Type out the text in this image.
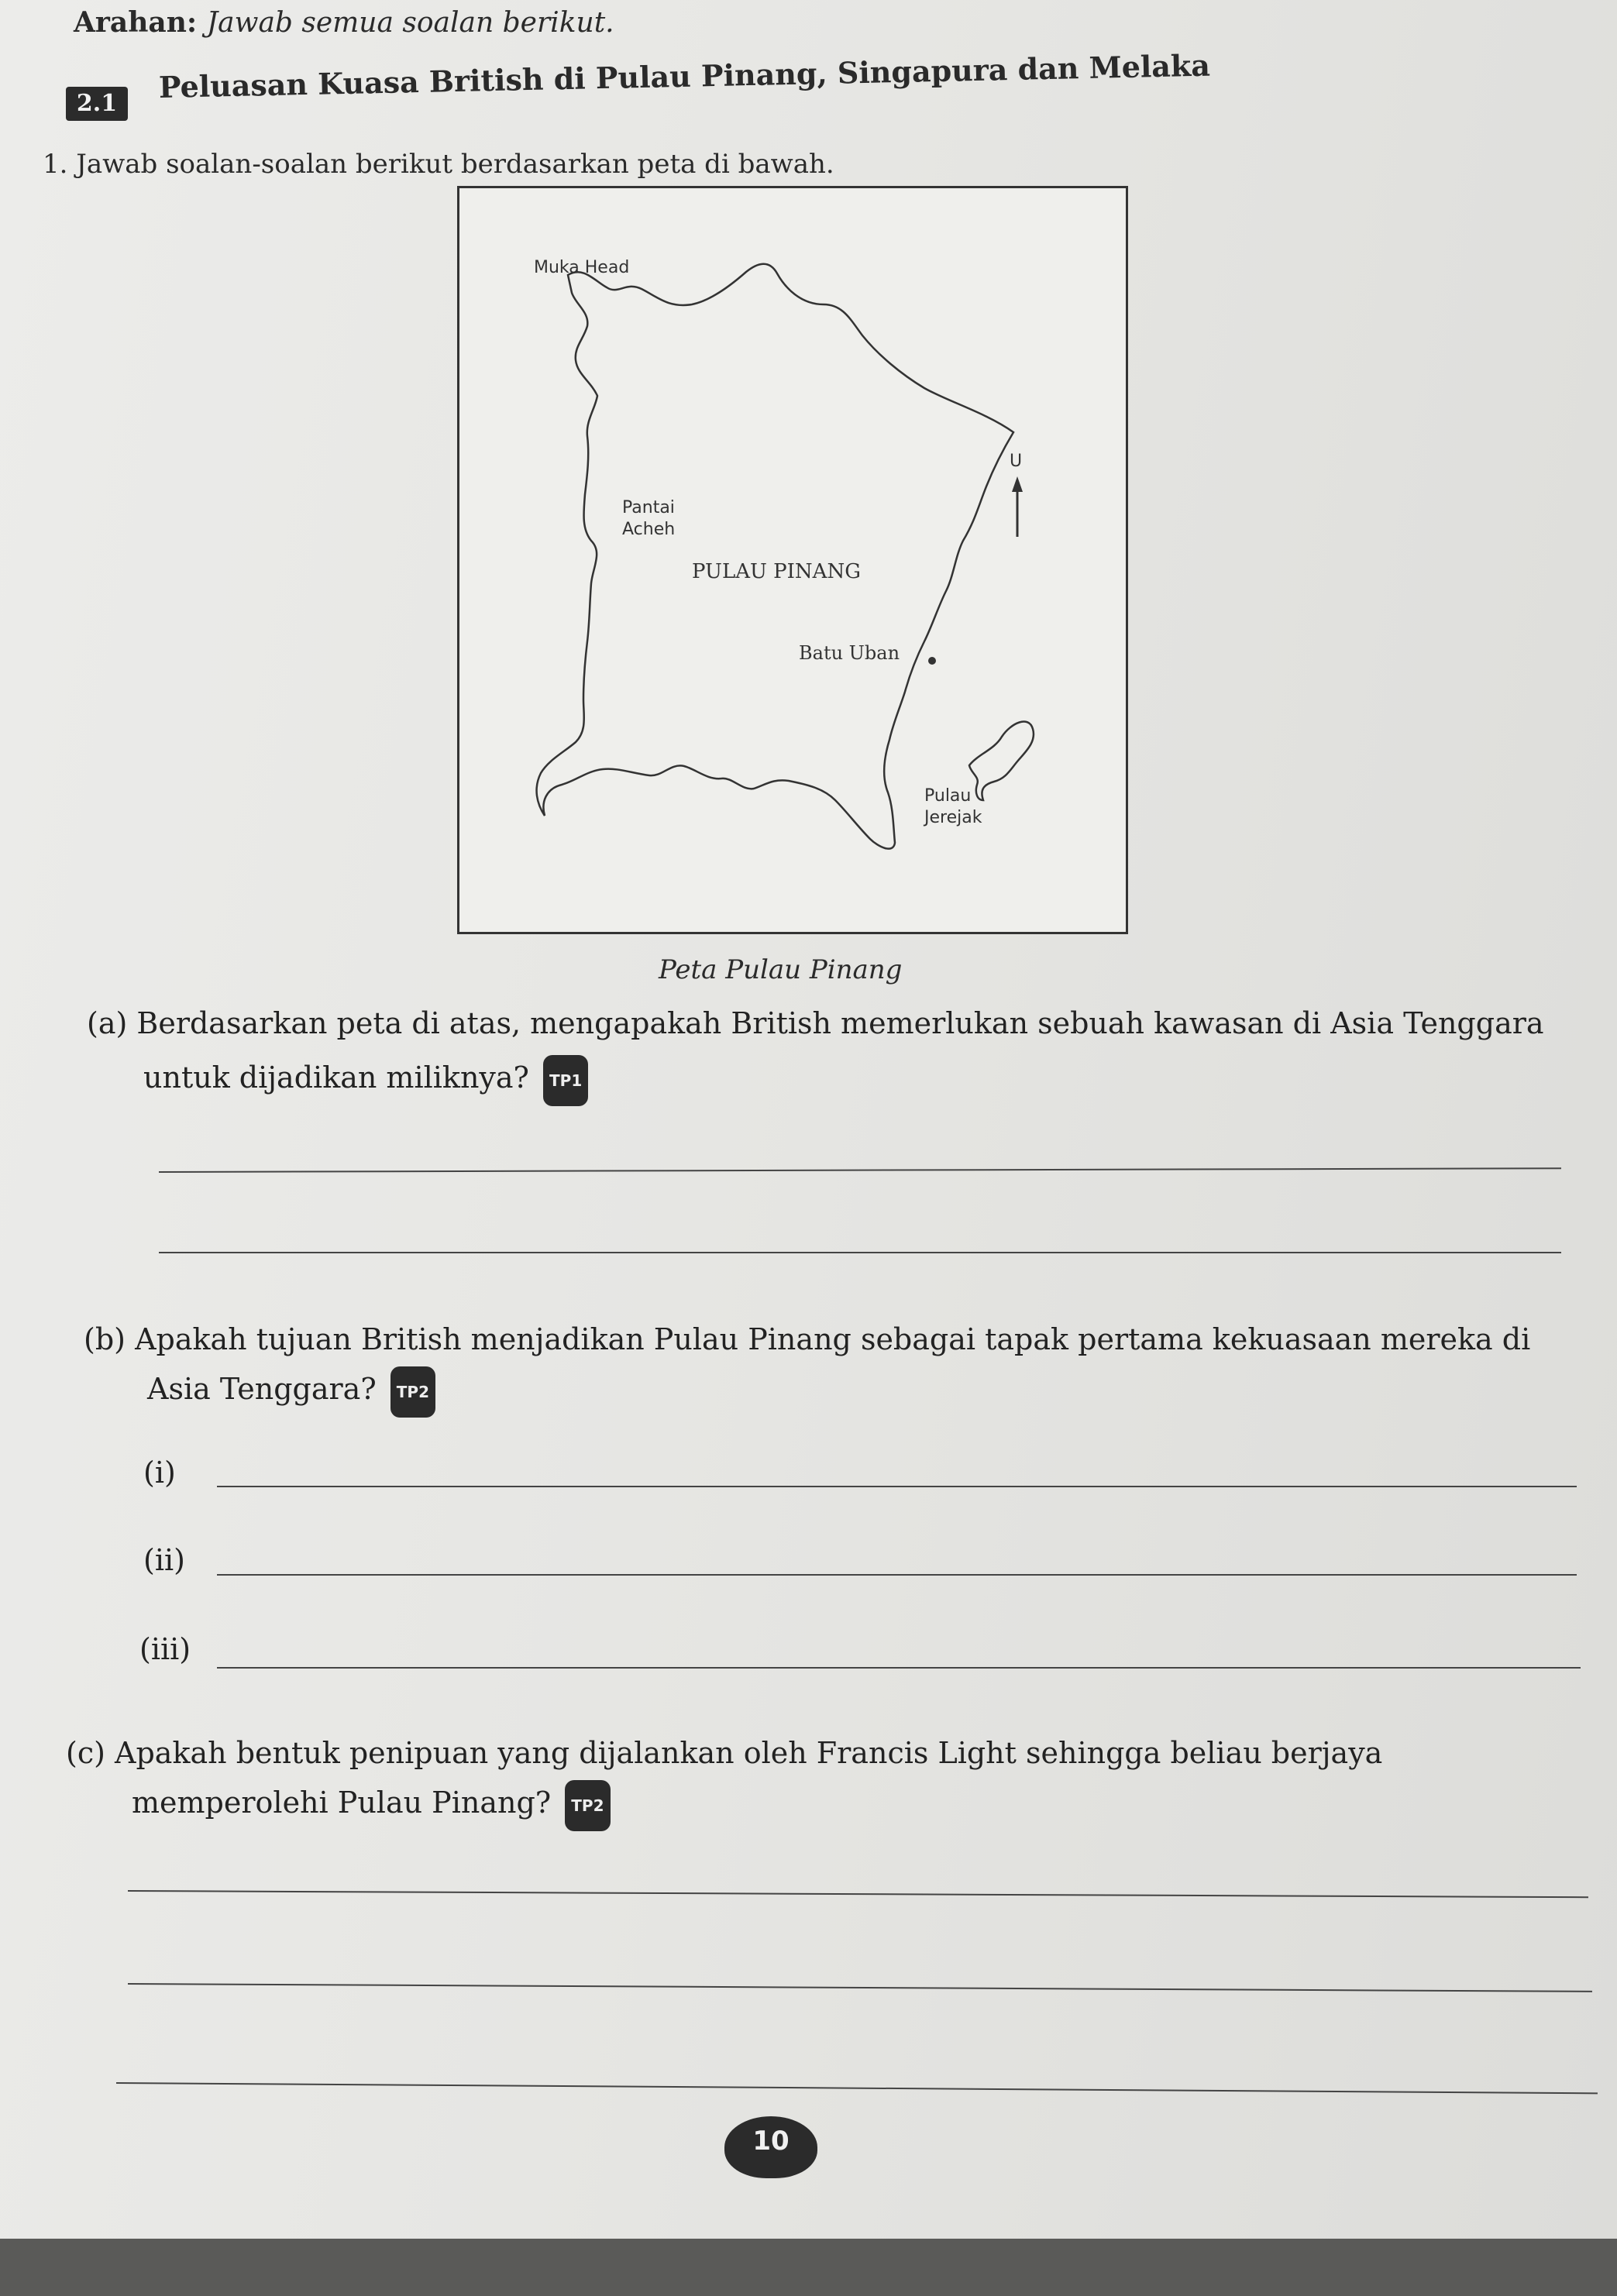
Arahan: Jawab semua soalan berikut.
2.1	Peluasan Kuasa British di Pulau Pinang, Singapura dan Melaka
1. Jawab soalan-soalan berikut berdasarkan peta di bawah.
Muka Head
Pantai
Acheh
PULAU PINANG
Batu Uban
Pulau
Jerejak
U
Peta Pulau Pinang
(a) Berdasarkan peta di atas, mengapakah British memerlukan sebuah kawasan di Asia Tenggara
untuk dijadikan miliknya? TP1
(b) Apakah tujuan British menjadikan Pulau Pinang sebagai tapak pertama kekuasaan mereka di
Asia Tenggara? TP2
(i)
(ii)
(iii)
(c) Apakah bentuk penipuan yang dijalankan oleh Francis Light sehingga beliau berjaya
memperolehi Pulau Pinang? TP2
10
